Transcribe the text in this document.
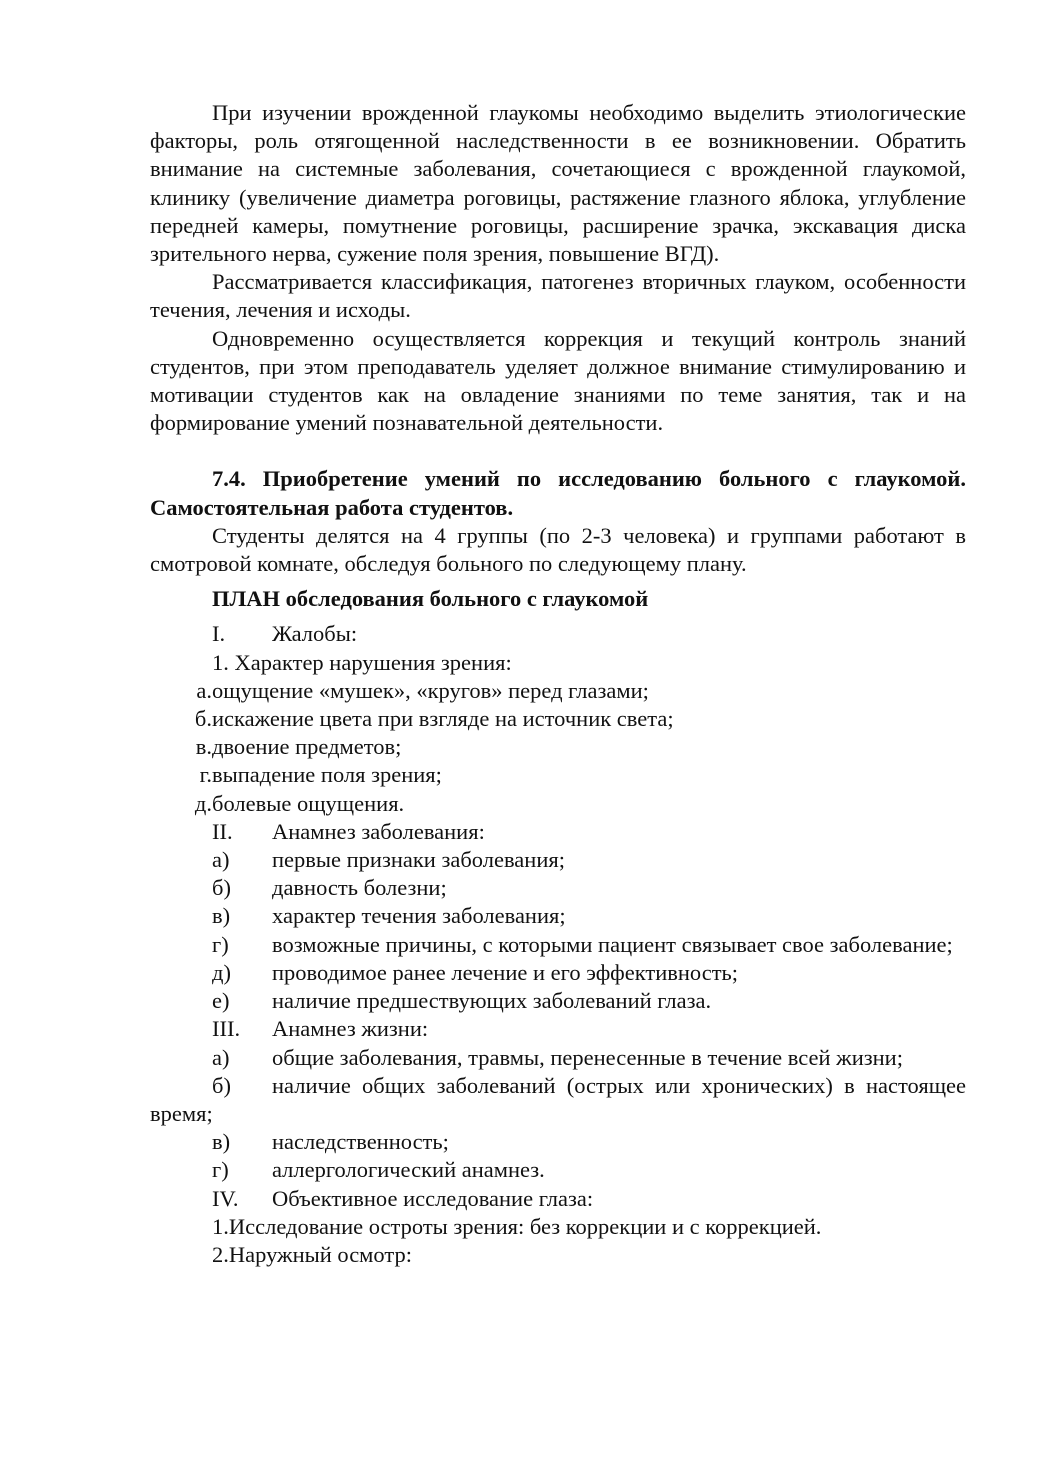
При изучении врожденной глаукомы необходимо выделить этиологические факторы, роль отягощенной наследственности в ее возникновении. Обратить внимание на системные заболевания, сочетающиеся с врожденной глаукомой, клинику (увеличение диаметра роговицы, растяжение глазного яблока, углубление передней камеры, помутнение роговицы, расширение зрачка, экскавация диска зрительного нерва, сужение поля зрения, повышение ВГД).

Рассматривается классификация, патогенез вторичных глауком, особенности течения, лечения и исходы.

Одновременно осуществляется коррекция и текущий контроль знаний студентов, при этом преподаватель уделяет должное внимание стимулированию и мотивации студентов как на овладение знаниями по теме занятия, так и на формирование умений познавательной деятельности.

7.4. Приобретение умений по исследованию больного с глаукомой. Самостоятельная работа студентов.

Студенты делятся на 4 группы (по 2-3 человека) и группами работают в смотровой комнате, обследуя больного по следующему плану.

ПЛАН обследования больного с глаукомой

I.	Жалобы:

1. Характер нарушения зрения:

а. ощущение «мушек», «кругов» перед глазами;
б. искажение цвета при взгляде на источник света;
в. двоение предметов;
г. выпадение поля зрения;
д. болевые ощущения.
II.	Анамнез заболевания:
а)	первые признаки заболевания;
б)	давность болезни;
в)	характер течения заболевания;

г) возможные причины, с которыми пациент связывает свое заболевание;

д)	проводимое ранее лечение и его эффективность;
е)	наличие предшествующих заболеваний глаза.
III.	Анамнез жизни:
а)	общие заболевания, травмы, перенесенные в течение всей жизни;

б) наличие общих заболеваний (острых или хронических) в настоящее время;

в)	наследственность;
г)	аллергологический анамнез.
IV.	Объективное исследование глаза:

1.Исследование остроты зрения: без коррекции и с коррекцией.

2.Наружный осмотр:
